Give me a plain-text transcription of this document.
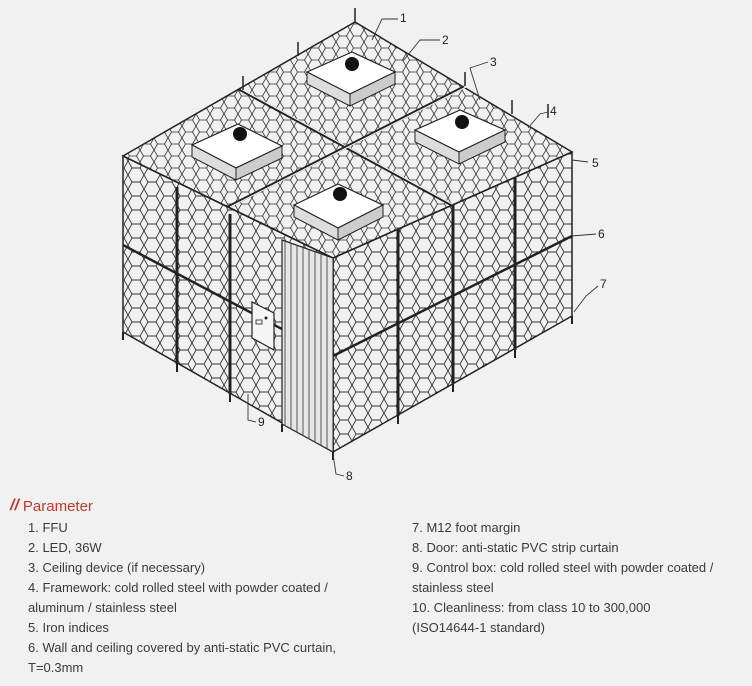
1
2
3
4
5
6
7
8
9
// Parameter
1. FFU
2. LED, 36W
3. Ceiling device (if necessary)
4. Framework: cold rolled steel with powder coated /
aluminum / stainless steel
5. Iron indices
6. Wall and ceiling covered by anti-static PVC curtain,
T=0.3mm
7. M12 foot margin
8. Door: anti-static PVC strip curtain
9. Control box: cold rolled steel with powder coated /
stainless steel
10. Cleanliness: from class 10 to 300,000
(ISO14644-1 standard)
